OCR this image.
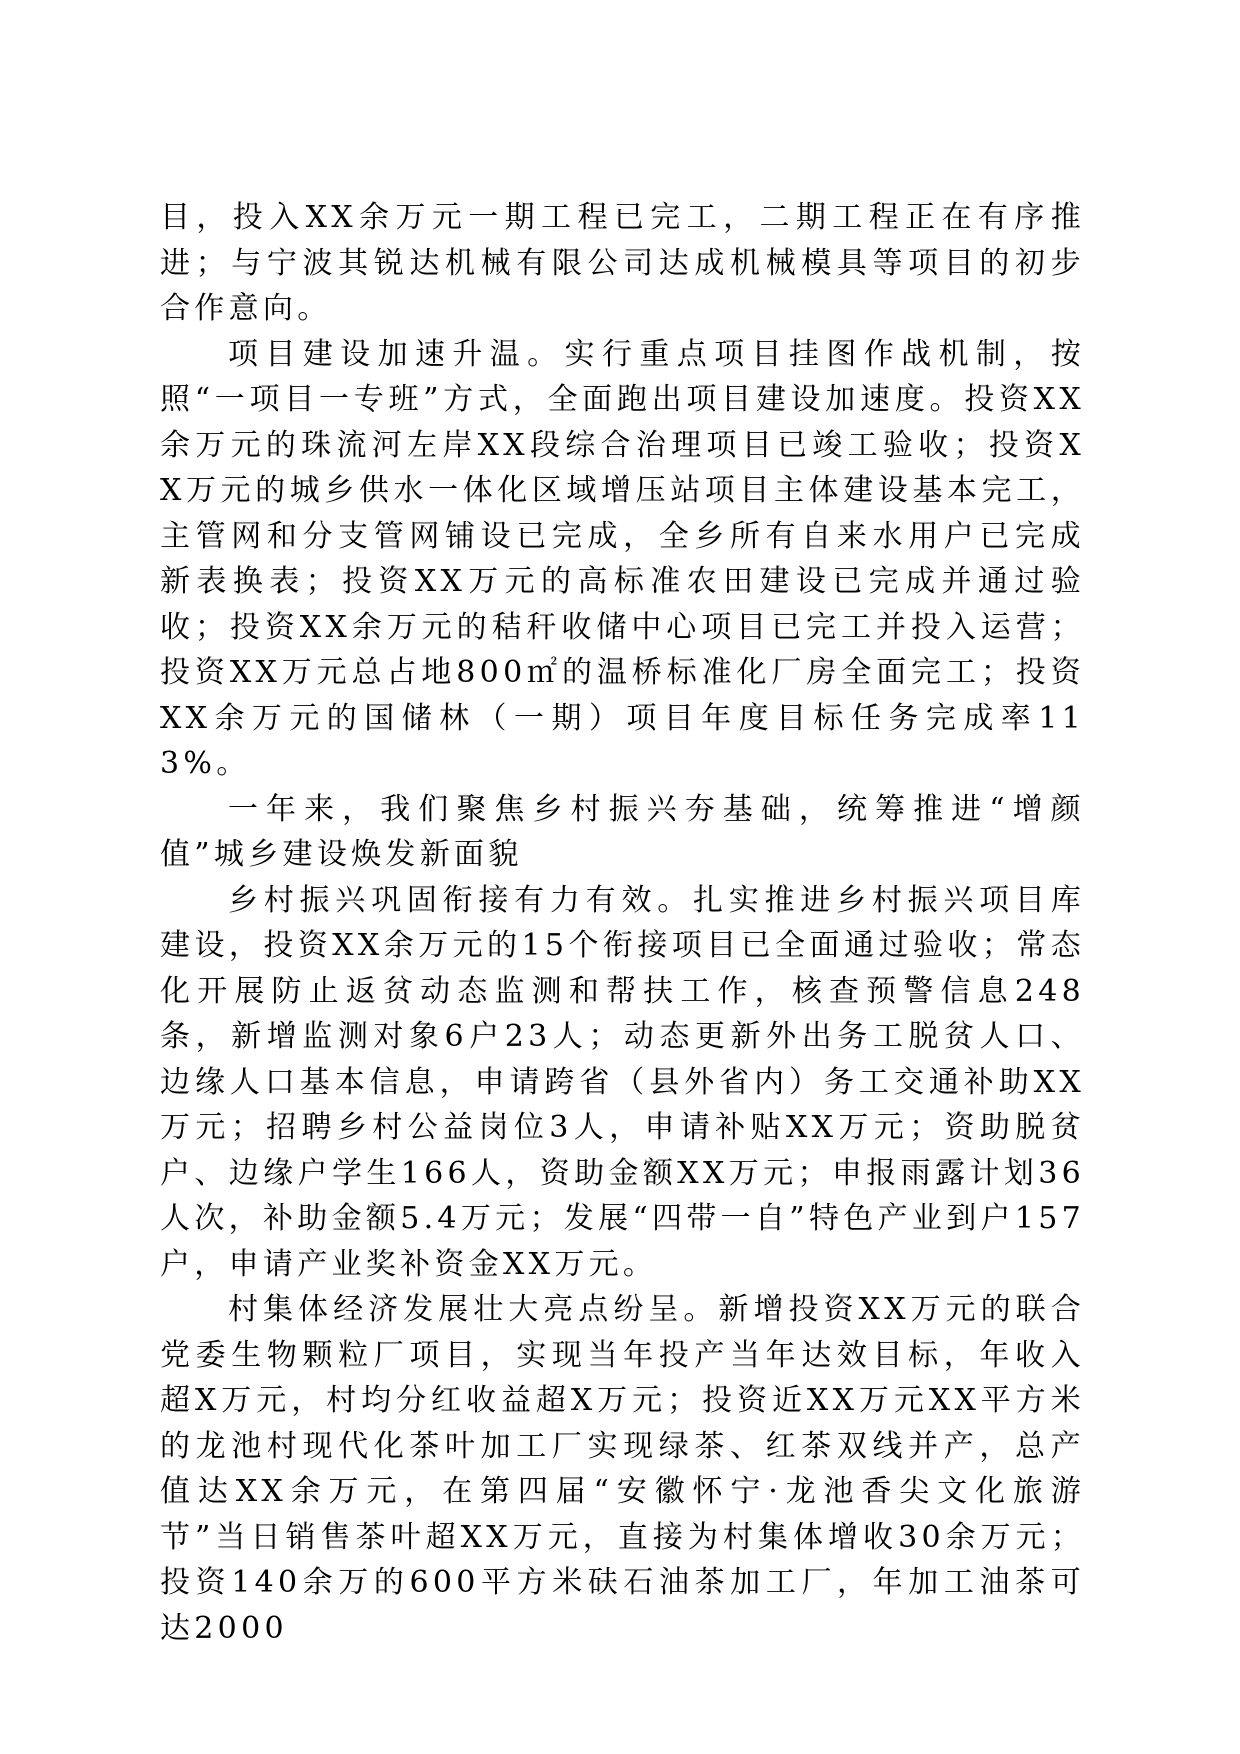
目，投入XX余万元一期工程已完工，二期工程正在有序推进；与宁波其锐达机械有限公司达成机械模具等项目的初步合作意向。

项目建设加速升温。实行重点项目挂图作战机制，按照“一项目一专班”方式，全面跑出项目建设加速度。投资XX余万元的珠流河左岸XX段综合治理项目已竣工验收；投资XX万元的城乡供水一体化区域增压站项目主体建设基本完工，主管网和分支管网铺设已完成，全乡所有自来水用户已完成新表换表；投资XX万元的高标准农田建设已完成并通过验收；投资XX余万元的秸秆收储中心项目已完工并投入运营；投资XX万元总占地800㎡的温桥标准化厂房全面完工；投资XX余万元的国储林（一期）项目年度目标任务完成率113%。

一年来，我们聚焦乡村振兴夯基础，统筹推进“增颜值”城乡建设焕发新面貌

乡村振兴巩固衔接有力有效。扎实推进乡村振兴项目库建设，投资XX余万元的15个衔接项目已全面通过验收；常态化开展防止返贫动态监测和帮扶工作，核查预警信息248条，新增监测对象6户23人；动态更新外出务工脱贫人口、边缘人口基本信息，申请跨省（县外省内）务工交通补助XX万元；招聘乡村公益岗位3人，申请补贴XX万元；资助脱贫户、边缘户学生166人，资助金额XX万元；申报雨露计划36人次，补助金额5.4万元；发展“四带一自”特色产业到户157户，申请产业奖补资金XX万元。

村集体经济发展壮大亮点纷呈。新增投资XX万元的联合党委生物颗粒厂项目，实现当年投产当年达效目标，年收入超X万元，村均分红收益超X万元；投资近XX万元XX平方米的龙池村现代化茶叶加工厂实现绿茶、红茶双线并产，总产值达XX余万元，在第四届“安徽怀宁·龙池香尖文化旅游节”当日销售茶叶超XX万元，直接为村集体增收30余万元；投资140余万的600平方米砆石油茶加工厂，年加工油茶可达2000
